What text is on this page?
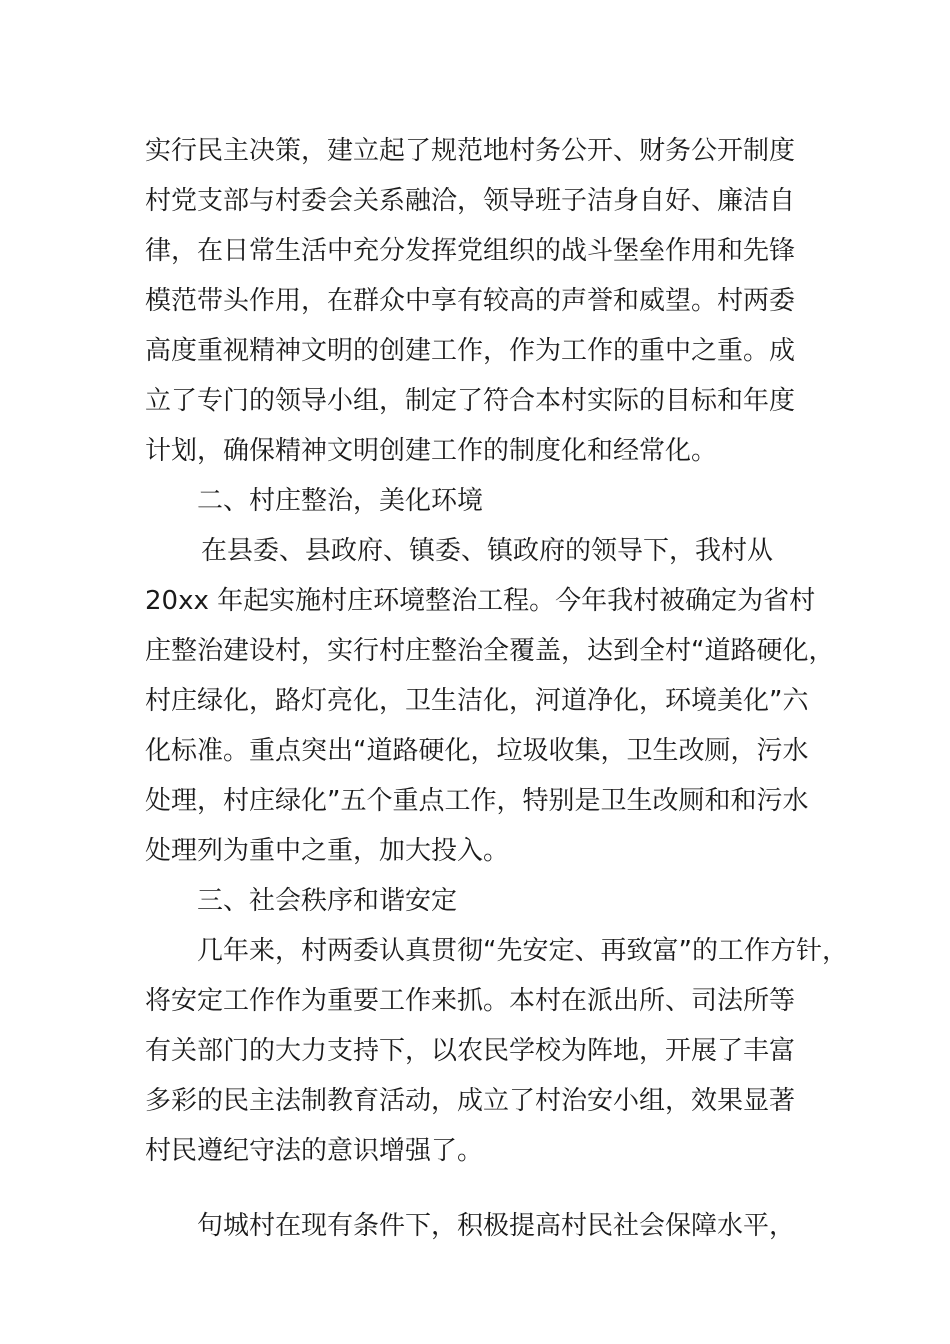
实行民主决策，建立起了规范地村务公开、财务公开制度
村党支部与村委会关系融洽，领导班子洁身自好、廉洁自
律，在日常生活中充分发挥党组织的战斗堡垒作用和先锋
模范带头作用，在群众中享有较高的声誉和威望。村两委
高度重视精神文明的创建工作，作为工作的重中之重。成
立了专门的领导小组，制定了符合本村实际的目标和年度
计划，确保精神文明创建工作的制度化和经常化。
二、村庄整治，美化环境
在县委、县政府、镇委、镇政府的领导下，我村从
20xx 年起实施村庄环境整治工程。今年我村被确定为省村
庄整治建设村，实行村庄整治全覆盖，达到全村“道路硬化，
村庄绿化，路灯亮化，卫生洁化，河道净化，环境美化”六
化标准。重点突出“道路硬化，垃圾收集，卫生改厕，污水
处理，村庄绿化”五个重点工作，特别是卫生改厕和和污水
处理列为重中之重，加大投入。
三、社会秩序和谐安定
几年来，村两委认真贯彻“先安定、再致富”的工作方针，
将安定工作作为重要工作来抓。本村在派出所、司法所等
有关部门的大力支持下，以农民学校为阵地，开展了丰富
多彩的民主法制教育活动，成立了村治安小组，效果显著
村民遵纪守法的意识增强了。
句城村在现有条件下，积极提高村民社会保障水平，
